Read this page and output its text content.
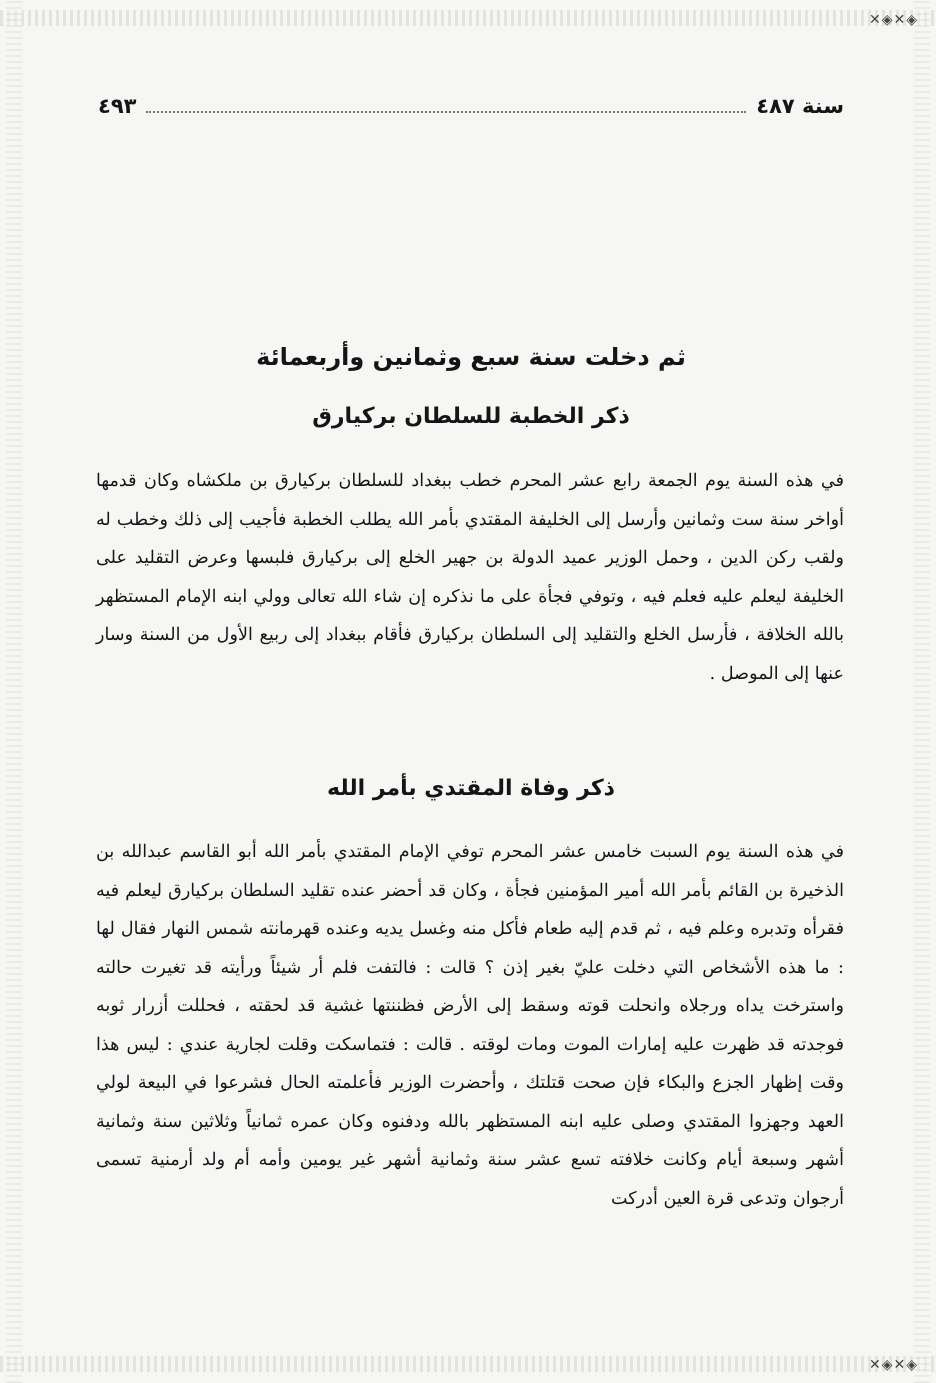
✕◈✕◈
✕◈✕◈
سنة ٤٨٧
٤٩٣
ثم دخلت سنة سبع وثمانين وأربعمائة
ذكر الخطبة للسلطان بركيارق
في هذه السنة يوم الجمعة رابع عشر المحرم خطب ببغداد للسلطان بركيارق بن ملكشاه وكان قدمها أواخر سنة ست وثمانين وأرسل إلى الخليفة المقتدي بأمر الله يطلب الخطبة فأجيب إلى ذلك وخطب له ولقب ركن الدين ، وحمل الوزير عميد الدولة بن جهير الخلع إلى بركيارق فلبسها وعرض التقليد على الخليفة ليعلم عليه فعلم فيه ، وتوفي فجأة على ما نذكره إن شاء الله تعالى وولي ابنه الإمام المستظهر بالله الخلافة ، فأرسل الخلع والتقليد إلى السلطان بركيارق فأقام ببغداد إلى ربيع الأول من السنة وسار عنها إلى الموصل .
ذكر وفاة المقتدي بأمر الله
في هذه السنة يوم السبت خامس عشر المحرم توفي الإمام المقتدي بأمر الله أبو القاسم عبدالله بن الذخيرة بن القائم بأمر الله أمير المؤمنين فجأة ، وكان قد أحضر عنده تقليد السلطان بركيارق ليعلم فيه فقرأه وتدبره وعلم فيه ، ثم قدم إليه طعام فأكل منه وغسل يديه وعنده قهرمانته شمس النهار فقال لها : ما هذه الأشخاص التي دخلت عليّ بغير إذن ؟ قالت : فالتفت فلم أر شيئاً ورأيته قد تغيرت حالته واسترخت يداه ورجلاه وانحلت قوته وسقط إلى الأرض فظننتها غشية قد لحقته ، فحللت أزرار ثوبه فوجدته قد ظهرت عليه إمارات الموت ومات لوقته . قالت : فتماسكت وقلت لجارية عندي : ليس هذا وقت إظهار الجزع والبكاء فإن صحت قتلتك ، وأحضرت الوزير فأعلمته الحال فشرعوا في البيعة لولي العهد وجهزوا المقتدي وصلى عليه ابنه المستظهر بالله ودفنوه وكان عمره ثمانياً وثلاثين سنة وثمانية أشهر وسبعة أيام وكانت خلافته تسع عشر سنة وثمانية أشهر غير يومين وأمه أم ولد أرمنية تسمى أرجوان وتدعى قرة العين أدركت
